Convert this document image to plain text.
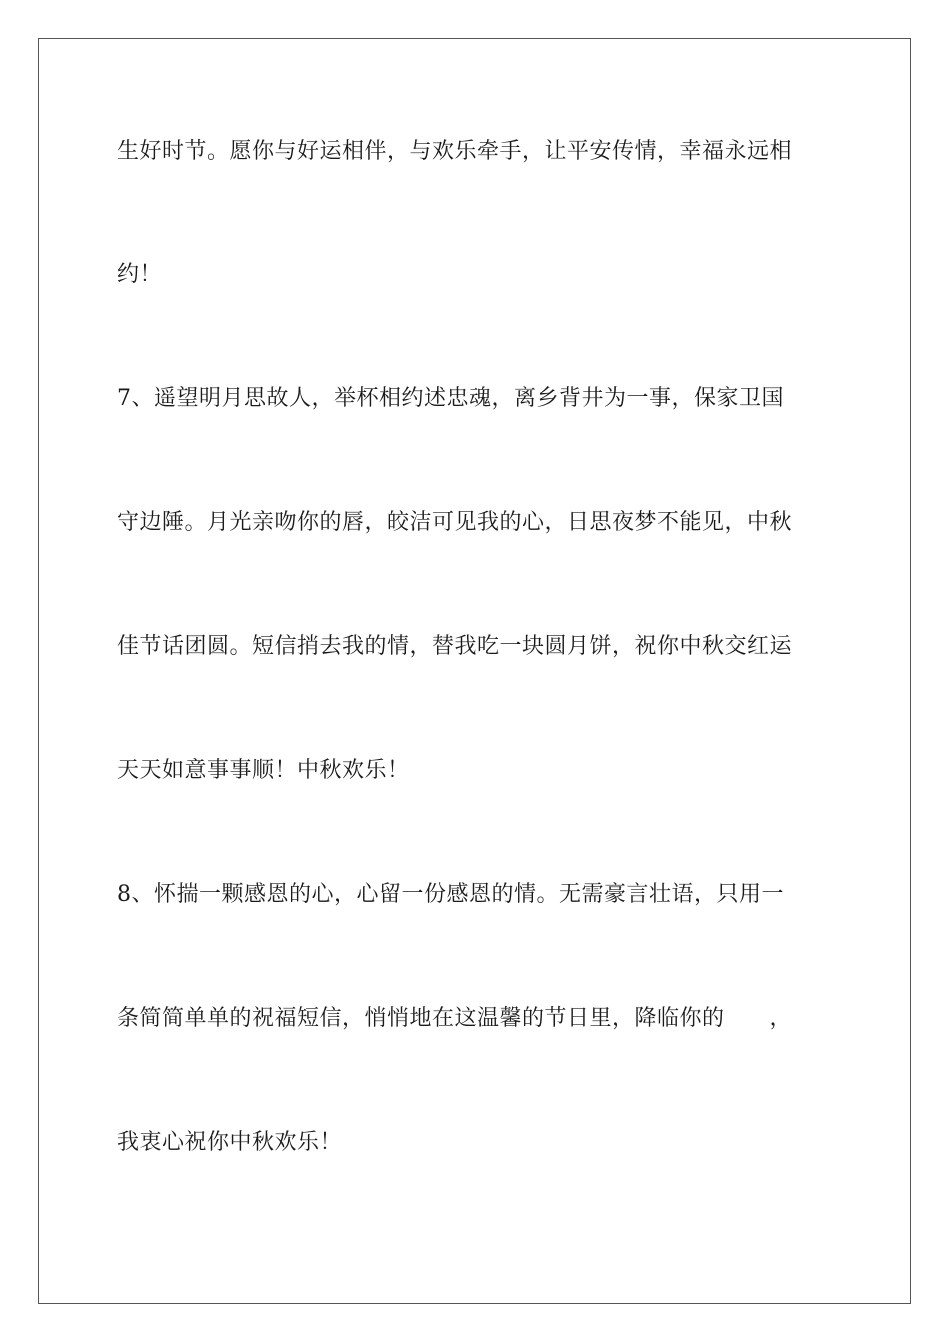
生好时节。愿你与好运相伴，与欢乐牵手，让平安传情，幸福永远相
约！
7、遥望明月思故人，举杯相约述忠魂，离乡背井为一事，保家卫国
守边陲。月光亲吻你的唇，皎洁可见我的心，日思夜梦不能见，中秋
佳节话团圆。短信捎去我的情，替我吃一块圆月饼，祝你中秋交红运
天天如意事事顺！中秋欢乐！
8、怀揣一颗感恩的心，心留一份感恩的情。无需豪言壮语，只用一
条简简单单的祝福短信，悄悄地在这温馨的节日里，降临你的　　，
我衷心祝你中秋欢乐！
